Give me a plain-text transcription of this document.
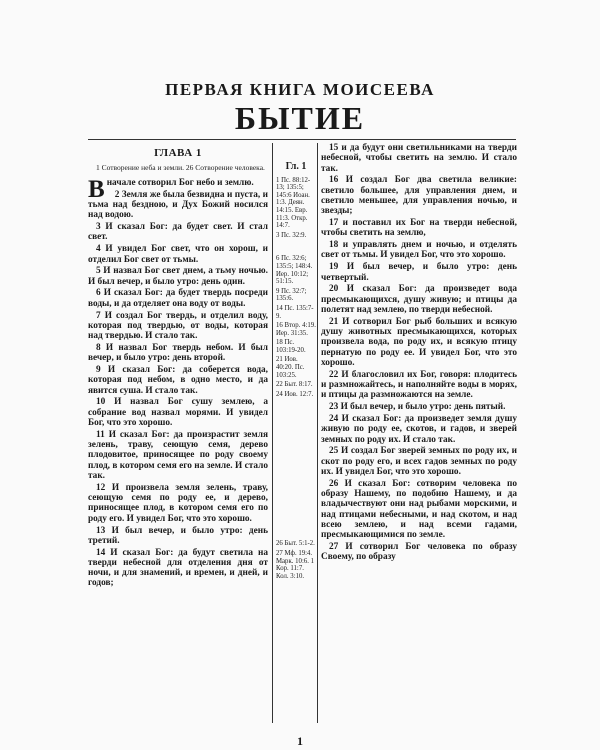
ПЕРВАЯ КНИГА МОИСЕЕВА
БЫТИЕ
ГЛАВА 1
1 Сотворение неба и земли. 26 Сотворение человека.

Вначале сотворил Бог небо и землю.

2 Земля же была безвидна и пуста, и тьма над бездною, и Дух Божий носился над водою.

3 И сказал Бог: да будет свет. И стал свет.

4 И увидел Бог свет, что он хорош, и отделил Бог свет от тьмы.

5 И назвал Бог свет днем, а тьму ночью. И был вечер, и было утро: день один.

6 И сказал Бог: да будет твердь посреди воды, и да отделяет она воду от воды.

7 И создал Бог твердь, и отделил воду, которая под твердью, от воды, которая над твердью. И стало так.

8 И назвал Бог твердь небом. И был вечер, и было утро: день второй.

9 И сказал Бог: да соберется вода, которая под небом, в одно место, и да явится суша. И стало так.

10 И назвал Бог сушу землею, а собрание вод назвал морями. И увидел Бог, что это хорошо.

11 И сказал Бог: да произрастит земля зелень, траву, сеющую семя, дерево плодовитое, приносящее по роду своему плод, в котором семя его на земле. И стало так.

12 И произвела земля зелень, траву, сеющую семя по роду ее, и дерево, приносящее плод, в котором семя его по роду его. И увидел Бог, что это хорошо.

13 И был вечер, и было утро: день третий.

14 И сказал Бог: да будут светила на тверди небесной для отделения дня от ночи, и для знамений, и времен, и дней, и годов;

Гл. 1
1 Пс. 88:12-13; 135:5; 145:6 Иоан. 1:3. Деян. 14:15. Евр. 11:3. Откр. 14:7.
3 Пс. 32:9.
6 Пс. 32:6; 135:5; 148:4. Иер. 10:12; 51:15.
9 Пс. 32:7; 135:6.
14 Пс. 135:7-9.
16 Втор. 4:19. Иер. 31:35.
18 Пс. 103:19-20.
21 Иов. 40:20. Пс. 103:25.
22 Быт. 8:17.
24 Иов. 12:7.
26 Быт. 5:1-2.
27 Мф. 19:4. Марк. 10:6. 1 Кор. 11:7. Кол. 3:10.

15 и да будут они светильниками на тверди небесной, чтобы светить на землю. И стало так.

16 И создал Бог два светила великие: светило большее, для управления днем, и светило меньшее, для управления ночью, и звезды;

17 и поставил их Бог на тверди небесной, чтобы светить на землю,

18 и управлять днем и ночью, и отделять свет от тьмы. И увидел Бог, что это хорошо.

19 И был вечер, и было утро: день четвертый.

20 И сказал Бог: да произведет вода пресмыкающихся, душу живую; и птицы да полетят над землею, по тверди небесной.

21 И сотворил Бог рыб больших и всякую душу животных пресмыкающихся, которых произвела вода, по роду их, и всякую птицу пернатую по роду ее. И увидел Бог, что это хорошо.

22 И благословил их Бог, говоря: плодитесь и размножайтесь, и наполняйте воды в морях, и птицы да размножаются на земле.

23 И был вечер, и было утро: день пятый.

24 И сказал Бог: да произведет земля душу живую по роду ее, скотов, и гадов, и зверей земных по роду их. И стало так.

25 И создал Бог зверей земных по роду их, и скот по роду его, и всех гадов земных по роду их. И увидел Бог, что это хорошо.

26 И сказал Бог: сотворим человека по образу Нашему, по подобию Нашему, и да владычествуют они над рыбами морскими, и над птицами небесными, и над скотом, и над всею землею, и над всеми гадами, пресмыкающимися по земле.

27 И сотворил Бог человека по образу Своему, по образу

1
